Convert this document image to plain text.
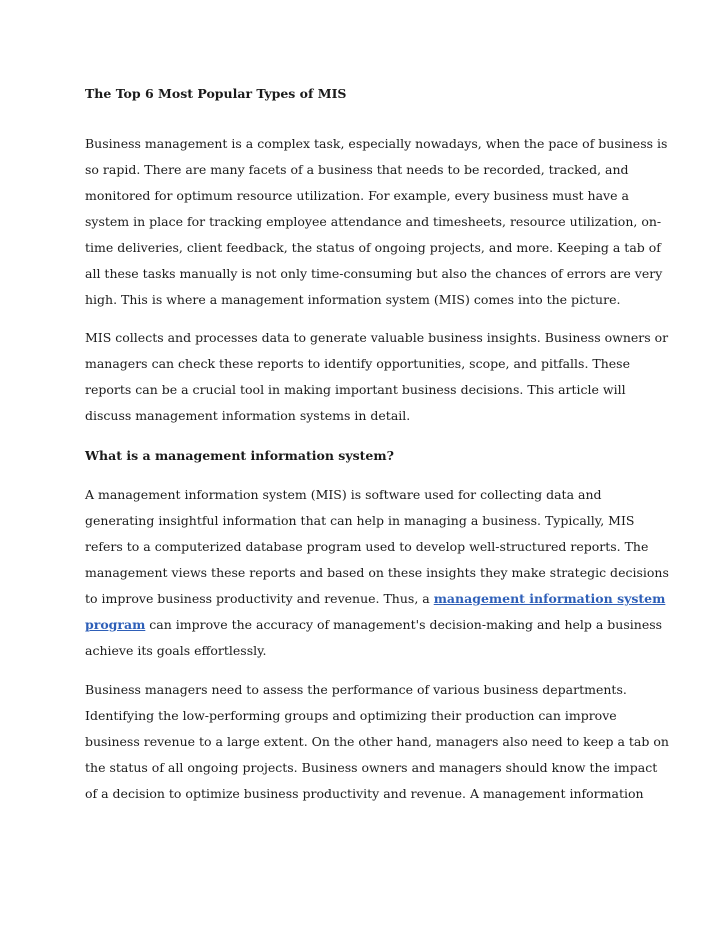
The Top 6 Most Popular Types of MIS

Business management is a complex task, especially nowadays, when the pace of business is
so rapid. There are many facets of a business that needs to be recorded, tracked, and
monitored for optimum resource utilization. For example, every business must have a
system in place for tracking employee attendance and timesheets, resource utilization, on-
time deliveries, client feedback, the status of ongoing projects, and more. Keeping a tab of
all these tasks manually is not only time-consuming but also the chances of errors are very
high. This is where a management information system (MIS) comes into the picture.

MIS collects and processes data to generate valuable business insights. Business owners or
managers can check these reports to identify opportunities, scope, and pitfalls. These
reports can be a crucial tool in making important business decisions. This article will
discuss management information systems in detail.

What is a management information system?

A management information system (MIS) is software used for collecting data and
generating insightful information that can help in managing a business. Typically, MIS
refers to a computerized database program used to develop well-structured reports. The
management views these reports and based on these insights they make strategic decisions
to improve business productivity and revenue. Thus, a management information system
program can improve the accuracy of management's decision-making and help a business
achieve its goals effortlessly.

Business managers need to assess the performance of various business departments.
Identifying the low-performing groups and optimizing their production can improve
business revenue to a large extent. On the other hand, managers also need to keep a tab on
the status of all ongoing projects. Business owners and managers should know the impact
of a decision to optimize business productivity and revenue. A management information
